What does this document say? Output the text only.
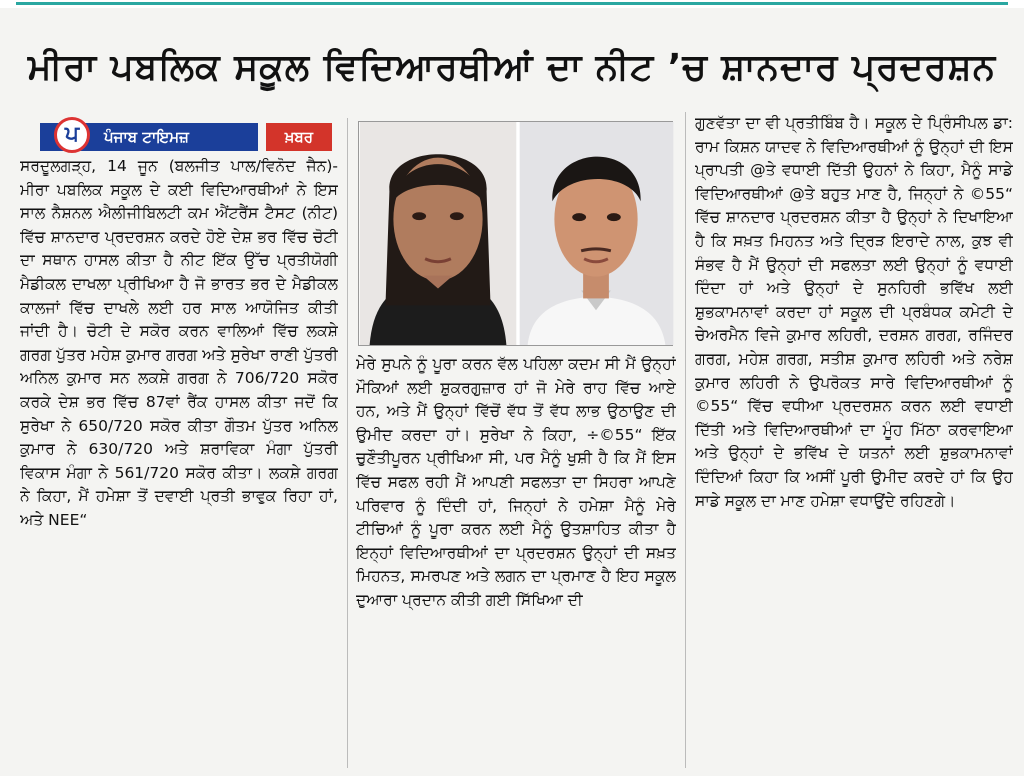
ਮੀਰਾ ਪਬਲਿਕ ਸਕੂਲ ਵਿਦਿਆਰਥੀਆਂ ਦਾ ਨੀਟ ’ਚ ਸ਼ਾਨਦਾਰ ਪ੍ਰਦਰਸ਼ਨ
ਪ	ਪੰਜਾਬ ਟਾਇਮਜ਼	ਖ਼ਬਰ

ਸਰਦੂਲਗੜ੍ਹ, 14 ਜੂਨ (ਬਲਜੀਤ ਪਾਲ/ਵਿਨੋਦ ਜੈਨ)- ਮੀਰਾ ਪਬਲਿਕ ਸਕੂਲ ਦੇ ਕਈ ਵਿਦਿਆਰਥੀਆਂ ਨੇ ਇਸ ਸਾਲ ਨੈਸ਼ਨਲ ਐਲੀਜੀਬਿਲਟੀ ਕਮ ਐਂਟਰੈਂਸ ਟੈਸਟ (ਨੀਟ) ਵਿੱਚ ਸ਼ਾਨਦਾਰ ਪ੍ਰਦਰਸ਼ਨ ਕਰਦੇ ਹੋਏ ਦੇਸ਼ ਭਰ ਵਿੱਚ ਚੋਟੀ ਦਾ ਸਥਾਨ ਹਾਸਲ ਕੀਤਾ ਹੈ ਨੀਟ ਇੱਕ ਉੱਚ ਪ੍ਰਤੀਯੋਗੀ ਮੈਡੀਕਲ ਦਾਖਲਾ ਪ੍ਰੀਖਿਆ ਹੈ ਜੋ ਭਾਰਤ ਭਰ ਦੇ ਮੈਡੀਕਲ ਕਾਲਜਾਂ ਵਿੱਚ ਦਾਖਲੇ ਲਈ ਹਰ ਸਾਲ ਆਯੋਜਿਤ ਕੀਤੀ ਜਾਂਦੀ ਹੈ। ਚੋਟੀ ਦੇ ਸਕੋਰ ਕਰਨ ਵਾਲਿਆਂ ਵਿੱਚ ਲਕਸ਼ੇ ਗਰਗ ਪੁੱਤਰ ਮਹੇਸ਼ ਕੁਮਾਰ ਗਰਗ ਅਤੇ ਸੁਰੇਖਾ ਰਾਣੀ ਪੁੱਤਰੀ ਅਨਿਲ ਕੁਮਾਰ ਸਨ ਲਕਸ਼ੇ ਗਰਗ ਨੇ 706/720 ਸਕੋਰ ਕਰਕੇ ਦੇਸ਼ ਭਰ ਵਿੱਚ 87ਵਾਂ ਰੈਂਕ ਹਾਸਲ ਕੀਤਾ ਜਦੋਂ ਕਿ ਸੁਰੇਖਾ ਨੇ 650/720 ਸਕੋਰ ਕੀਤਾ ਗੌਤਮ ਪੁੱਤਰ ਅਨਿਲ ਕੁਮਾਰ ਨੇ 630/720 ਅਤੇ ਸ਼ਰਾਵਿਕਾ ਮੰਗਾ ਪੁੱਤਰੀ ਵਿਕਾਸ ਮੰਗਾ ਨੇ 561/720 ਸਕੋਰ ਕੀਤਾ। ਲਕਸ਼ੇ ਗਰਗ ਨੇ ਕਿਹਾ, ਮੈਂ ਹਮੇਸ਼ਾ ਤੋਂ ਦਵਾਈ ਪ੍ਰਤੀ ਭਾਵੁਕ ਰਿਹਾ ਹਾਂ, ਅਤੇ NEE“

ਮੇਰੇ ਸੁਪਨੇ ਨੂੰ ਪੂਰਾ ਕਰਨ ਵੱਲ ਪਹਿਲਾ ਕਦਮ ਸੀ ਮੈਂ ਉਨ੍ਹਾਂ ਮੌਕਿਆਂ ਲਈ ਸ਼ੁਕਰਗੁਜ਼ਾਰ ਹਾਂ ਜੋ ਮੇਰੇ ਰਾਹ ਵਿੱਚ ਆਏ ਹਨ, ਅਤੇ ਮੈਂ ਉਨ੍ਹਾਂ ਵਿੱਚੋਂ ਵੱਧ ਤੋਂ ਵੱਧ ਲਾਭ ਉਠਾਉਣ ਦੀ ਉਮੀਦ ਕਰਦਾ ਹਾਂ। ਸੁਰੇਖਾ ਨੇ ਕਿਹਾ, ÷©55“ ਇੱਕ ਚੁਣੌਤੀਪੂਰਨ ਪ੍ਰੀਖਿਆ ਸੀ, ਪਰ ਮੈਨੂੰ ਖੁਸ਼ੀ ਹੈ ਕਿ ਮੈਂ ਇਸ ਵਿੱਚ ਸਫਲ ਰਹੀ ਮੈਂ ਆਪਣੀ ਸਫਲਤਾ ਦਾ ਸਿਹਰਾ ਆਪਣੇ ਪਰਿਵਾਰ ਨੂੰ ਦਿੰਦੀ ਹਾਂ, ਜਿਨ੍ਹਾਂ ਨੇ ਹਮੇਸ਼ਾ ਮੈਨੂੰ ਮੇਰੇ ਟੀਚਿਆਂ ਨੂੰ ਪੂਰਾ ਕਰਨ ਲਈ ਮੈਨੂੰ ਉਤਸ਼ਾਹਿਤ ਕੀਤਾ ਹੈ ਇਨ੍ਹਾਂ ਵਿਦਿਆਰਥੀਆਂ ਦਾ ਪ੍ਰਦਰਸ਼ਨ ਉਨ੍ਹਾਂ ਦੀ ਸਖ਼ਤ ਮਿਹਨਤ, ਸਮਰਪਣ ਅਤੇ ਲਗਨ ਦਾ ਪ੍ਰਮਾਣ ਹੈ ਇਹ ਸਕੂਲ ਦੁਆਰਾ ਪ੍ਰਦਾਨ ਕੀਤੀ ਗਈ ਸਿੱਖਿਆ ਦੀ

ਗੁਣਵੱਤਾ ਦਾ ਵੀ ਪ੍ਰਤੀਬਿੰਬ ਹੈ। ਸਕੂਲ ਦੇ ਪ੍ਰਿੰਸੀਪਲ ਡਾ: ਰਾਮ ਕਿਸ਼ਨ ਯਾਦਵ ਨੇ ਵਿਦਿਆਰਥੀਆਂ ਨੂੰ ਉਨ੍ਹਾਂ ਦੀ ਇਸ ਪ੍ਰਾਪਤੀ @ਤੇ ਵਧਾਈ ਦਿੱਤੀ ਉਹਨਾਂ ਨੇ ਕਿਹਾ, ਮੈਨੂੰ ਸਾਡੇ ਵਿਦਿਆਰਥੀਆਂ @ਤੇ ਬਹੁਤ ਮਾਣ ਹੈ, ਜਿਨ੍ਹਾਂ ਨੇ ©55“ ਵਿੱਚ ਸ਼ਾਨਦਾਰ ਪ੍ਰਦਰਸ਼ਨ ਕੀਤਾ ਹੈ ਉਨ੍ਹਾਂ ਨੇ ਦਿਖਾਇਆ ਹੈ ਕਿ ਸਖ਼ਤ ਮਿਹਨਤ ਅਤੇ ਦ੍ਰਿੜ ਇਰਾਦੇ ਨਾਲ, ਕੁਝ ਵੀ ਸੰਭਵ ਹੈ ਮੈਂ ਉਨ੍ਹਾਂ ਦੀ ਸਫਲਤਾ ਲਈ ਉਨ੍ਹਾਂ ਨੂੰ ਵਧਾਈ ਦਿੰਦਾ ਹਾਂ ਅਤੇ ਉਨ੍ਹਾਂ ਦੇ ਸੁਨਹਿਰੀ ਭਵਿੱਖ ਲਈ ਸ਼ੁਭਕਾਮਨਾਵਾਂ ਕਰਦਾ ਹਾਂ ਸਕੂਲ ਦੀ ਪ੍ਰਬੰਧਕ ਕਮੇਟੀ ਦੇ ਚੇਅਰਮੈਨ ਵਿਜੇ ਕੁਮਾਰ ਲਹਿਰੀ, ਦਰਸ਼ਨ ਗਰਗ, ਰਜਿੰਦਰ ਗਰਗ, ਮਹੇਸ਼ ਗਰਗ, ਸਤੀਸ਼ ਕੁਮਾਰ ਲਹਿਰੀ ਅਤੇ ਨਰੇਸ਼ ਕੁਮਾਰ ਲਹਿਰੀ ਨੇ ਉਪਰੋਕਤ ਸਾਰੇ ਵਿਦਿਆਰਥੀਆਂ ਨੂੰ ©55“ ਵਿੱਚ ਵਧੀਆ ਪ੍ਰਦਰਸ਼ਨ ਕਰਨ ਲਈ ਵਧਾਈ ਦਿੱਤੀ ਅਤੇ ਵਿਦਿਆਰਥੀਆਂ ਦਾ ਮੂੰਹ ਮਿੱਠਾ ਕਰਵਾਇਆ ਅਤੇ ਉਨ੍ਹਾਂ ਦੇ ਭਵਿੱਖ ਦੇ ਯਤਨਾਂ ਲਈ ਸ਼ੁਭਕਾਮਨਾਵਾਂ ਦਿੰਦਿਆਂ ਕਿਹਾ ਕਿ ਅਸੀਂ ਪੂਰੀ ਉਮੀਦ ਕਰਦੇ ਹਾਂ ਕਿ ਉਹ ਸਾਡੇ ਸਕੂਲ ਦਾ ਮਾਣ ਹਮੇਸ਼ਾ ਵਧਾਉਂਦੇ ਰਹਿਣਗੇ।
